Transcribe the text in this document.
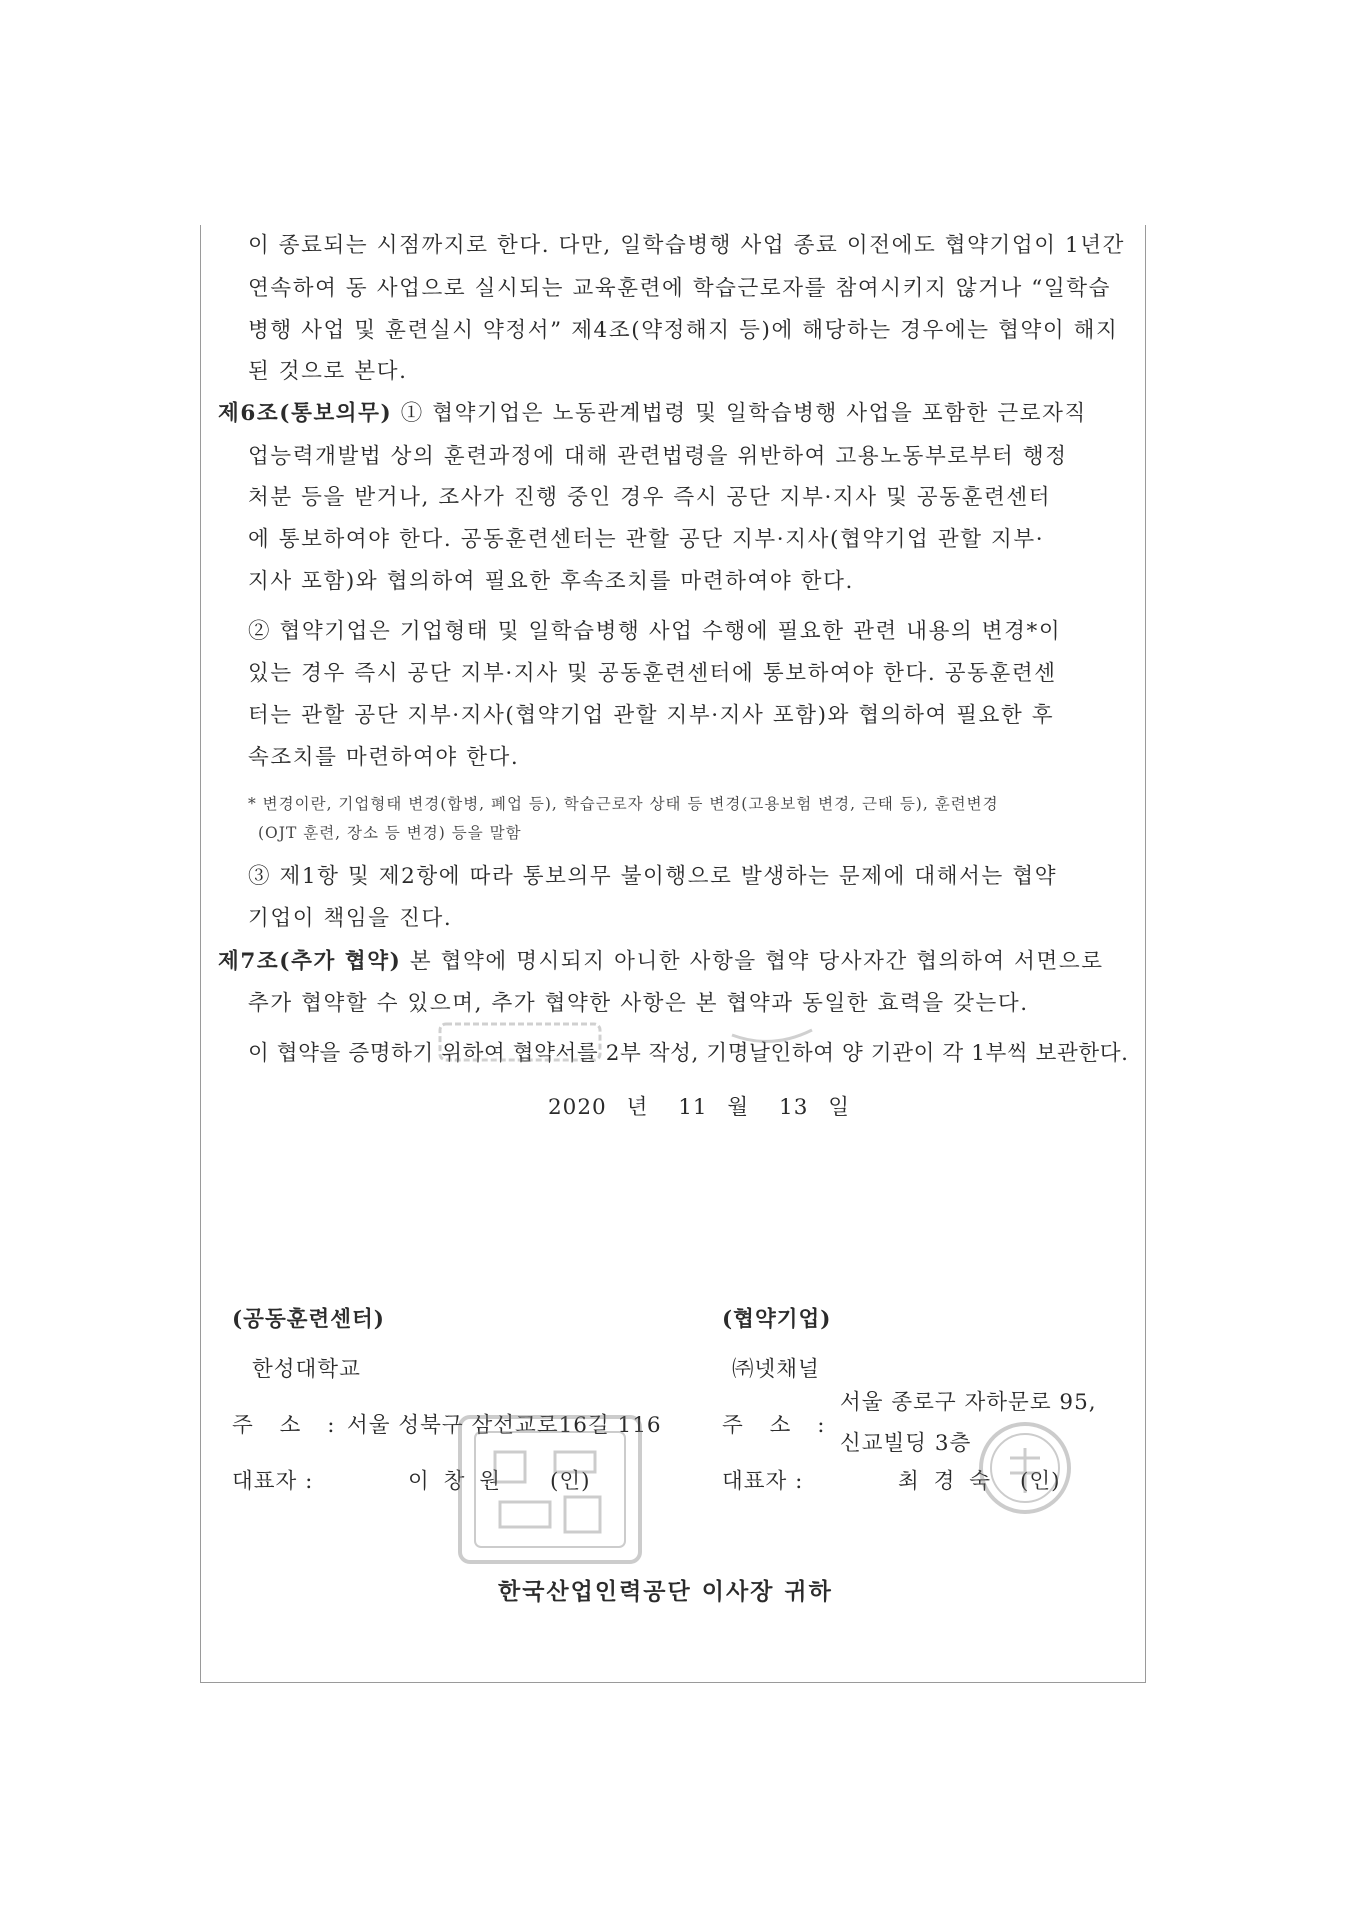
이 종료되는 시점까지로 한다. 다만, 일학습병행 사업 종료 이전에도 협약기업이 1년간
연속하여 동 사업으로 실시되는 교육훈련에 학습근로자를 참여시키지 않거나 “일학습
병행 사업 및 훈련실시 약정서” 제4조(약정해지 등)에 해당하는 경우에는 협약이 해지
된 것으로 본다.
제6조(통보의무) ① 협약기업은 노동관계법령 및 일학습병행 사업을 포함한 근로자직
업능력개발법 상의 훈련과정에 대해 관련법령을 위반하여 고용노동부로부터 행정
처분 등을 받거나, 조사가 진행 중인 경우 즉시 공단 지부·지사 및 공동훈련센터
에 통보하여야 한다. 공동훈련센터는 관할 공단 지부·지사(협약기업 관할 지부·
지사 포함)와 협의하여 필요한 후속조치를 마련하여야 한다.
② 협약기업은 기업형태 및 일학습병행 사업 수행에 필요한 관련 내용의 변경*이
있는 경우 즉시 공단 지부·지사 및 공동훈련센터에 통보하여야 한다. 공동훈련센
터는 관할 공단 지부·지사(협약기업 관할 지부·지사 포함)와 협의하여 필요한 후
속조치를 마련하여야 한다.
* 변경이란, 기업형태 변경(합병, 폐업 등), 학습근로자 상태 등 변경(고용보험 변경, 근태 등), 훈련변경
(OJT 훈련, 장소 등 변경) 등을 말함
③ 제1항 및 제2항에 따라 통보의무 불이행으로 발생하는 문제에 대해서는 협약
기업이 책임을 진다.
제7조(추가 협약) 본 협약에 명시되지 아니한 사항을 협약 당사자간 협의하여 서면으로
추가 협약할 수 있으며, 추가 협약한 사항은 본 협약과 동일한 효력을 갖는다.
이 협약을 증명하기 위하여 협약서를 2부 작성, 기명날인하여 양 기관이 각 1부씩 보관한다.
2020 년 11 월 13 일
(공동훈련센터)
한성대학교
주 소 : 서울 성북구 삼선교로16길 116
대표자 :	이 창 원 (인)
(협약기업)
㈜넷채널
주 소 :
서울 종로구 자하문로 95,
신교빌딩 3층
대표자 :	최 경 숙 (인)
한국산업인력공단 이사장 귀하
